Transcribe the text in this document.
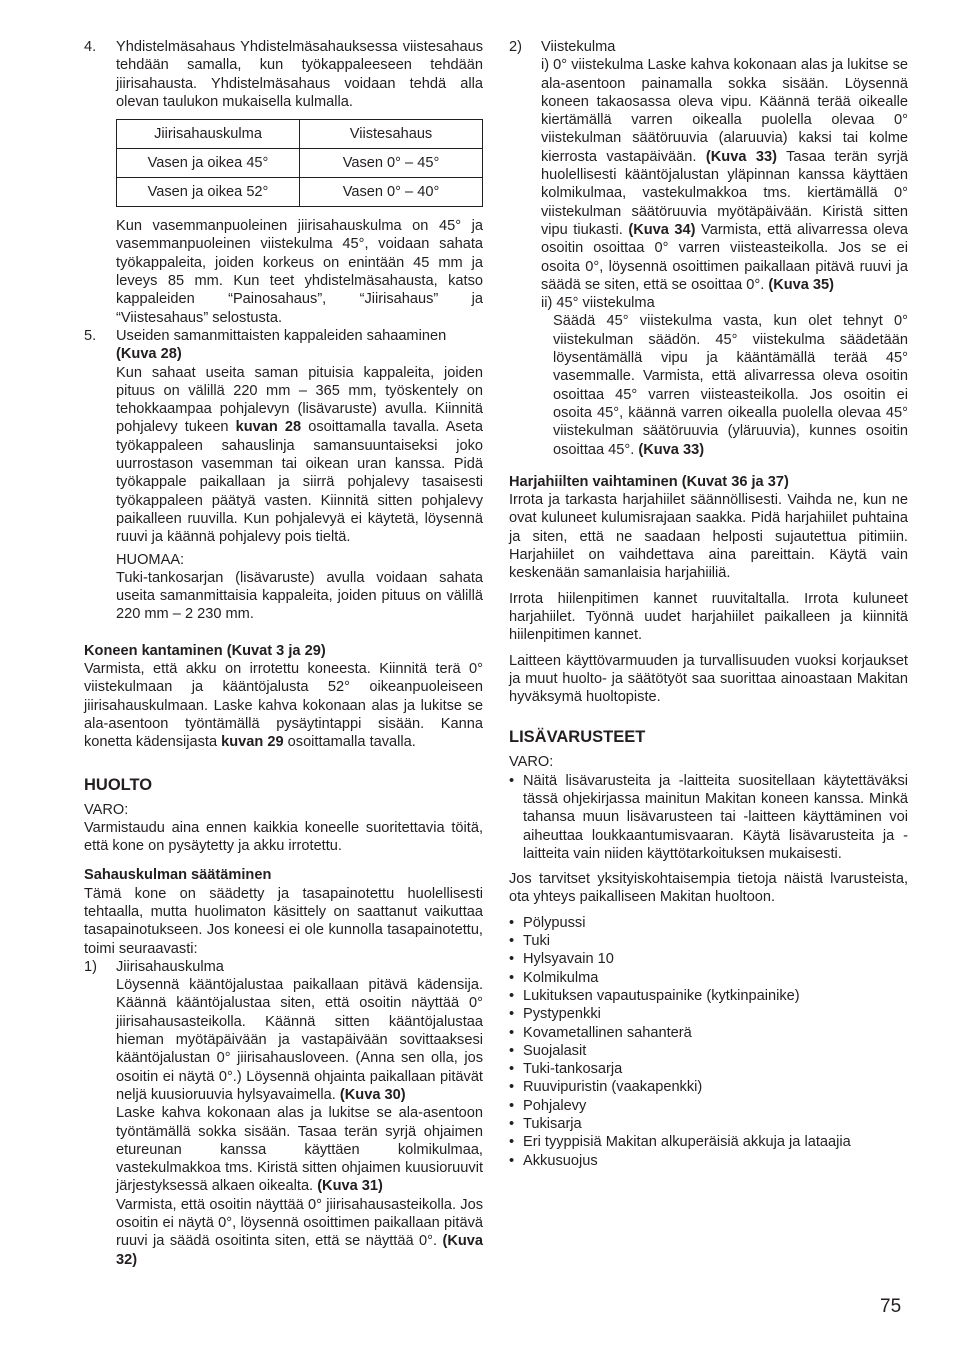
4. Yhdistelmäsahaus Yhdistelmäsahauksessa viistesahaus tehdään samalla, kun työkappaleeseen tehdään jiirisahausta. Yhdistelmäsahaus voidaan tehdä alla olevan taulukon mukaisella kulmalla.

Jiirisahauskulma	Viistesahaus
Vasen ja oikea 45°	Vasen 0° – 45°
Vasen ja oikea 52°	Vasen 0° – 40°

Kun vasemmanpuoleinen jiirisahauskulma on 45° ja vasemmanpuoleinen viistekulma 45°, voidaan sahata työkappaleita, joiden korkeus on enintään 45 mm ja leveys 85 mm. Kun teet yhdistelmäsahausta, katso kappaleiden “Painosahaus”, “Jiirisahaus” ja “Viistesahaus” selostusta.

5. Useiden samanmittaisten kappaleiden sahaaminen
(Kuva 28)

Kun sahaat useita saman pituisia kappaleita, joiden pituus on välillä 220 mm – 365 mm, työskentely on tehokkaampaa pohjalevyn (lisävaruste) avulla. Kiinnitä pohjalevy tukeen kuvan 28 osoittamalla tavalla. Aseta työkappaleen sahauslinja samansuuntaiseksi joko uurrostason vasemman tai oikean uran kanssa. Pidä työkappale paikallaan ja siirrä pohjalevy tasaisesti työkappaleen päätyä vasten. Kiinnitä sitten pohjalevy paikalleen ruuvilla. Kun pohjalevyä ei käytetä, löysennä ruuvi ja käännä pohjalevy pois tieltä.

HUOMAA:

Tuki-tankosarjan (lisävaruste) avulla voidaan sahata useita samanmittaisia kappaleita, joiden pituus on välillä 220 mm – 2 230 mm.

Koneen kantaminen (Kuvat 3 ja 29)

Varmista, että akku on irrotettu koneesta. Kiinnitä terä 0° viistekulmaan ja kääntöjalusta 52° oikeanpuoleiseen jiirisahauskulmaan. Laske kahva kokonaan alas ja lukitse se ala-asentoon työntämällä pysäytintappi sisään. Kanna konetta kädensijasta kuvan 29 osoittamalla tavalla.

HUOLTO

VARO:

Varmistaudu aina ennen kaikkia koneelle suoritettavia töitä, että kone on pysäytetty ja akku irrotettu.

Sahauskulman säätäminen

Tämä kone on säädetty ja tasapainotettu huolellisesti tehtaalla, mutta huolimaton käsittely on saattanut vaikuttaa tasapainotukseen. Jos koneesi ei ole kunnolla tasapainotettu, toimi seuraavasti:

1) Jiirisahauskulma

Löysennä kääntöjalustaa paikallaan pitävä kädensija. Käännä kääntöjalustaa siten, että osoitin näyttää 0° jiirisahausasteikolla. Käännä sitten kääntöjalustaa hieman myötäpäivään ja vastapäivään sovittaaksesi kääntöjalustan 0° jiirisahausloveen. (Anna sen olla, jos osoitin ei näytä 0°.) Löysennä ohjainta paikallaan pitävät neljä kuusioruuvia hylsyavaimella. (Kuva 30)

Laske kahva kokonaan alas ja lukitse se ala-asentoon työntämällä sokka sisään. Tasaa terän syrjä ohjaimen etureunan kanssa käyttäen kolmikulmaa, vastekulmakkoa tms. Kiristä sitten ohjaimen kuusioruuvit järjestyksessä alkaen oikealta. (Kuva 31)

Varmista, että osoitin näyttää 0° jiirisahausasteikolla. Jos osoitin ei näytä 0°, löysennä osoittimen paikallaan pitävä ruuvi ja säädä osoitinta siten, että se näyttää 0°. (Kuva 32)

2) Viistekulma

i) 0° viistekulma Laske kahva kokonaan alas ja lukitse se ala-asentoon painamalla sokka sisään. Löysennä koneen takaosassa oleva vipu. Käännä terää oikealle kiertämällä varren oikealla puolella olevaa 0° viistekulman säätöruuvia (alaruuvia) kaksi tai kolme kierrosta vastapäivään. (Kuva 33) Tasaa terän syrjä huolellisesti kääntöjalustan yläpinnan kanssa käyttäen kolmikulmaa, vastekulmakkoa tms. kiertämällä 0° viistekulman säätöruuvia myötäpäivään. Kiristä sitten vipu tiukasti. (Kuva 34) Varmista, että alivarressa oleva osoitin osoittaa 0° varren viisteasteikolla. Jos se ei osoita 0°, löysennä osoittimen paikallaan pitävä ruuvi ja säädä se siten, että se osoittaa 0°. (Kuva 35)

ii) 45° viistekulma

Säädä 45° viistekulma vasta, kun olet tehnyt 0° viistekulman säädön. 45° viistekulma säädetään löysentämällä vipu ja kääntämällä terää 45° vasemmalle. Varmista, että alivarressa oleva osoitin osoittaa 45° varren viisteasteikolla. Jos osoitin ei osoita 45°, käännä varren oikealla puolella olevaa 45° viistekulman säätöruuvia (yläruuvia), kunnes osoitin osoittaa 45°. (Kuva 33)

Harjahiilten vaihtaminen (Kuvat 36 ja 37)

Irrota ja tarkasta harjahiilet säännöllisesti. Vaihda ne, kun ne ovat kuluneet kulumisrajaan saakka. Pidä harjahiilet puhtaina ja siten, että ne saadaan helposti sujautettua pitimiin. Harjahiilet on vaihdettava aina pareittain. Käytä vain keskenään samanlaisia harjahiiliä.

Irrota hiilenpitimen kannet ruuvitaltalla. Irrota kuluneet harjahiilet. Työnnä uudet harjahiilet paikalleen ja kiinnitä hiilenpitimen kannet.

Laitteen käyttövarmuuden ja turvallisuuden vuoksi korjaukset ja muut huolto- ja säätötyöt saa suorittaa ainoastaan Makitan hyväksymä huoltopiste.

LISÄVARUSTEET

VARO:

• Näitä lisävarusteita ja -laitteita suositellaan käytettäväksi tässä ohjekirjassa mainitun Makitan koneen kanssa. Minkä tahansa muun lisävarusteen tai -laitteen käyttäminen voi aiheuttaa loukkaantumisvaaran. Käytä lisävarusteita ja -laitteita vain niiden käyttötarkoituksen mukaisesti.

Jos tarvitset yksityiskohtaisempia tietoja näistä lvarusteista, ota yhteys paikalliseen Makitan huoltoon.

• Pölypussi
• Tuki
• Hylsyavain 10
• Kolmikulma
• Lukituksen vapautuspainike (kytkinpainike)
• Pystypenkki
• Kovametallinen sahanterä
• Suojalasit
• Tuki-tankosarja
• Ruuvipuristin (vaakapenkki)
• Pohjalevy
• Tukisarja
• Eri tyyppisiä Makitan alkuperäisiä akkuja ja lataajia
• Akkusuojus
75
